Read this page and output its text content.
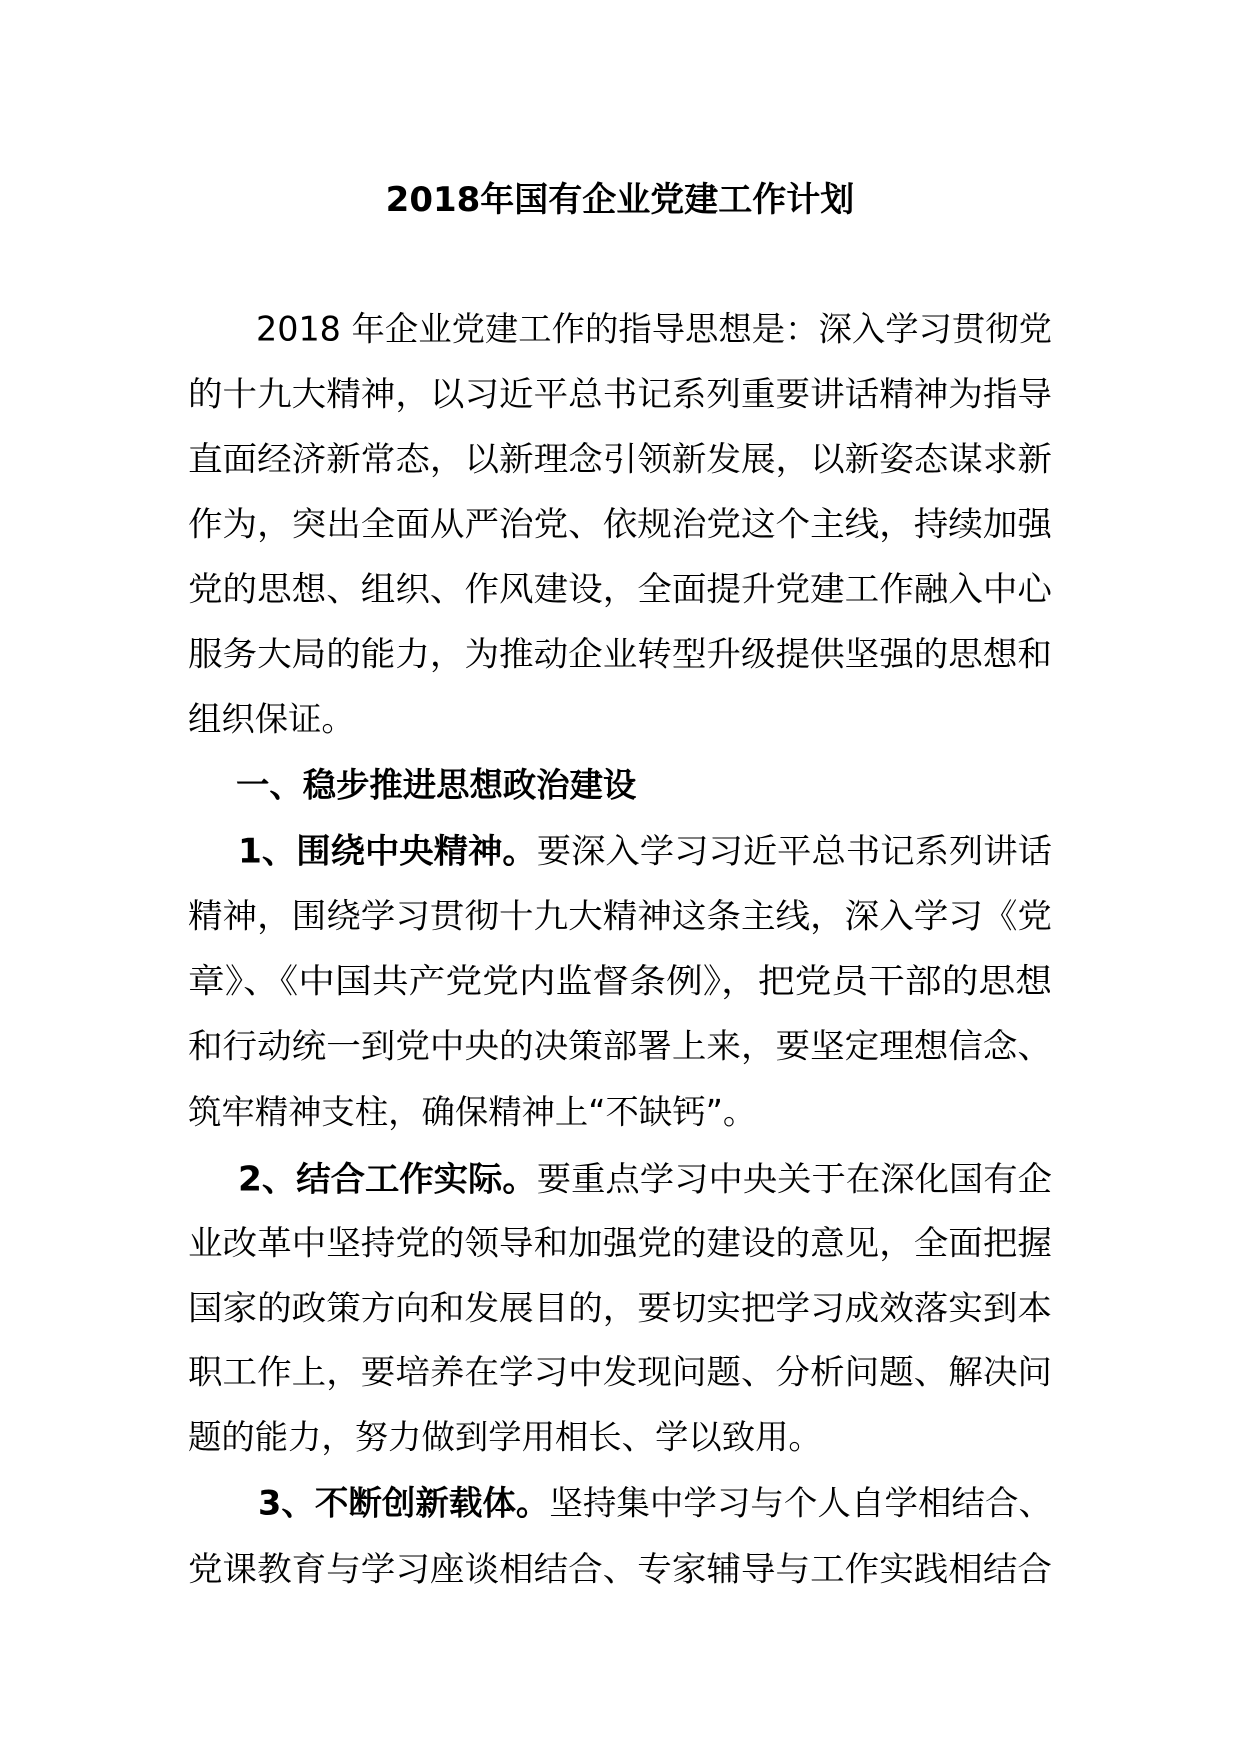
2018年国有企业党建工作计划
2018 年企业党建工作的指导思想是：深入学习贯彻党
的十九大精神，以习近平总书记系列重要讲话精神为指导
直面经济新常态，以新理念引领新发展，以新姿态谋求新
作为，突出全面从严治党、依规治党这个主线，持续加强
党的思想、组织、作风建设，全面提升党建工作融入中心
服务大局的能力，为推动企业转型升级提供坚强的思想和
组织保证。
一、稳步推进思想政治建设
1、围绕中央精神。要深入学习习近平总书记系列讲话
精神，围绕学习贯彻十九大精神这条主线，深入学习《党
章》、《中国共产党党内监督条例》，把党员干部的思想
和行动统一到党中央的决策部署上来，要坚定理想信念、
筑牢精神支柱，确保精神上“不缺钙”。
2、结合工作实际。要重点学习中央关于在深化国有企
业改革中坚持党的领导和加强党的建设的意见，全面把握
国家的政策方向和发展目的，要切实把学习成效落实到本
职工作上，要培养在学习中发现问题、分析问题、解决问
题的能力，努力做到学用相长、学以致用。
3、不断创新载体。坚持集中学习与个人自学相结合、
党课教育与学习座谈相结合、专家辅导与工作实践相结合
